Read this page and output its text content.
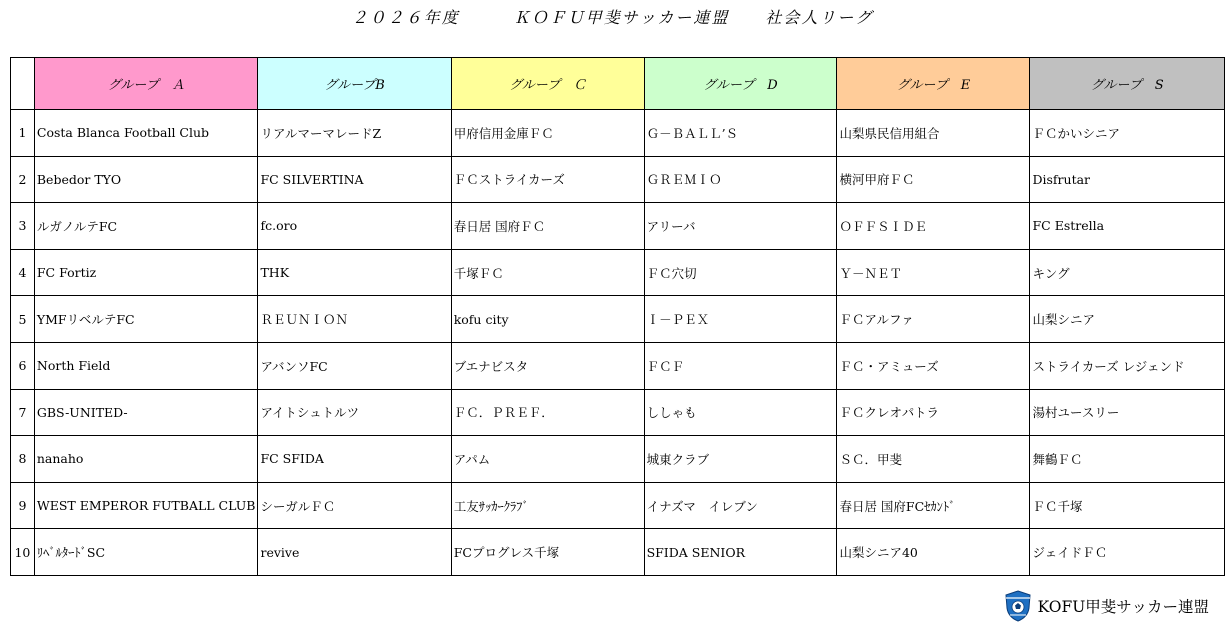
２０２６年度　　　ＫＯＦＵ甲斐サッカー連盟　　社会人リーグ
	グループ　Ａ	グループB	グループ　Ｃ	グループ　D	グループ　E	グループ　S
1	Costa Blanca Football Club	リアルマーマレードZ	甲府信用金庫ＦＣ	Ｇ－ＢＡＬＬ’Ｓ	山梨県民信用組合	ＦＣかいシニア
2	Bebedor TYO	FC SILVERTINA	ＦＣストライカーズ	ＧＲＥＭＩＯ	横河甲府ＦＣ	Disfrutar
3	ルガノルテFC	fc.oro	春日居 国府ＦＣ	アリーバ	ＯＦＦＳＩＤＥ	FC Estrella
4	FC Fortiz	THK	千塚ＦＣ	ＦＣ穴切	Ｙ－ＮＥＴ	キング
5	YMFリベルテFC	ＲＥＵＮＩＯＮ	kofu city	Ｉ－ＰＥＸ	ＦＣアルファ	山梨シニア
6	North Field	アバンソFC	ブエナビスタ	ＦＣＦ	ＦＣ・アミューズ	ストライカーズ レジェンド
7	GBS-UNITED-	アイトシュトルツ	ＦＣ．ＰＲＥＦ．	ししゃも	ＦＣクレオパトラ	湯村ユースリー
8	nanaho	FC SFIDA	アパム	城東クラブ	ＳＣ．甲斐	舞鶴ＦＣ
9	WEST EMPEROR FUTBALL CLUB	シーガルＦＣ	工友ｻｯｶｰｸﾗﾌﾞ	イナズマ　イレブン	春日居 国府FCｾｶﾝﾄﾞ	ＦＣ千塚
10	ﾘﾍﾞﾙﾀｰﾄﾞSC	revive	FCプログレス千塚	SFIDA SENIOR	山梨シニア40	ジェイドＦＣ
KOFU甲斐サッカー連盟
